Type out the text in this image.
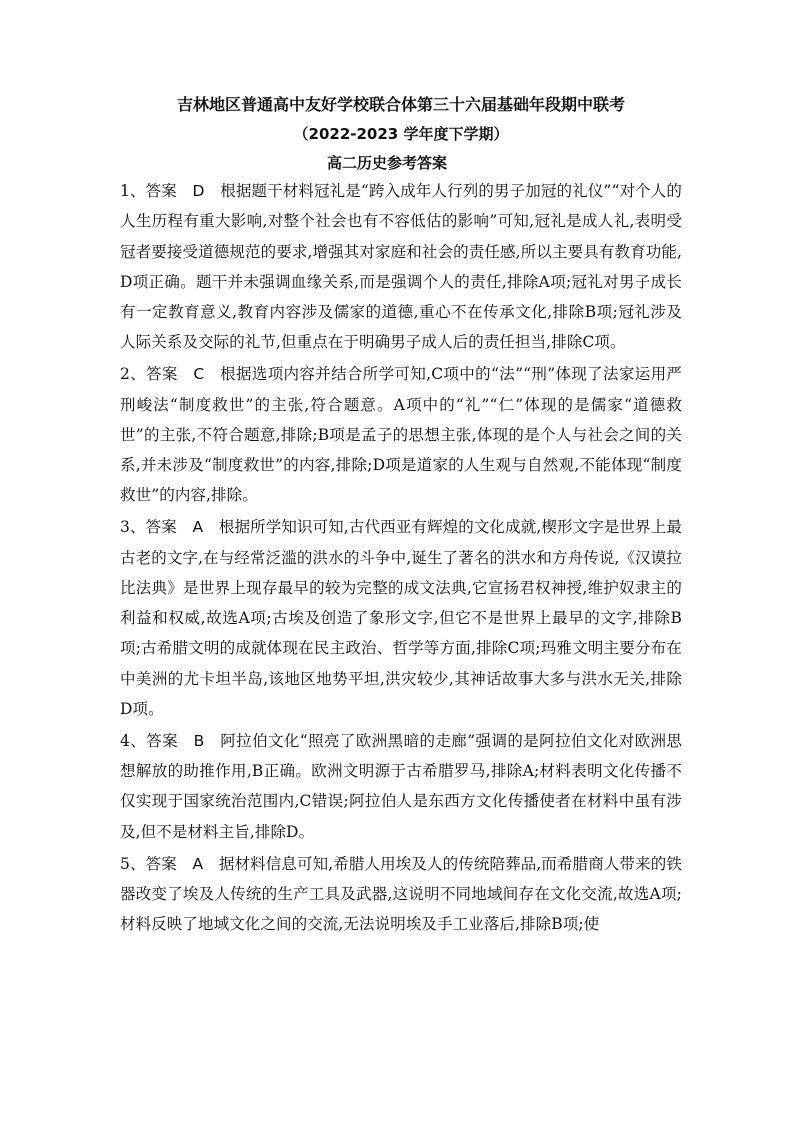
吉林地区普通高中友好学校联合体第三十六届基础年段期中联考
（2022-2023 学年度下学期）
高二历史参考答案

1、答案  D  根据题干材料冠礼是“跨入成年人行列的男子加冠的礼仪”“对个人的人生历程有重大影响,对整个社会也有不容低估的影响”可知,冠礼是成人礼,表明受冠者要接受道德规范的要求,增强其对家庭和社会的责任感,所以主要具有教育功能,D项正确。题干并未强调血缘关系,而是强调个人的责任,排除A项;冠礼对男子成长有一定教育意义,教育内容涉及儒家的道德,重心不在传承文化,排除B项;冠礼涉及人际关系及交际的礼节,但重点在于明确男子成人后的责任担当,排除C项。

2、答案  C  根据选项内容并结合所学可知,C项中的“法”“刑”体现了法家运用严刑峻法“制度救世”的主张,符合题意。A项中的“礼”“仁”体现的是儒家“道德救世”的主张,不符合题意,排除;B项是孟子的思想主张,体现的是个人与社会之间的关系,并未涉及“制度救世”的内容,排除;D项是道家的人生观与自然观,不能体现“制度救世”的内容,排除。

3、答案  A  根据所学知识可知,古代西亚有辉煌的文化成就,楔形文字是世界上最古老的文字,在与经常泛滥的洪水的斗争中,诞生了著名的洪水和方舟传说,《汉谟拉比法典》是世界上现存最早的较为完整的成文法典,它宣扬君权神授,维护奴隶主的利益和权威,故选A项;古埃及创造了象形文字,但它不是世界上最早的文字,排除B项;古希腊文明的成就体现在民主政治、哲学等方面,排除C项;玛雅文明主要分布在中美洲的尤卡坦半岛,该地区地势平坦,洪灾较少,其神话故事大多与洪水无关,排除D项。

4、答案  B  阿拉伯文化“照亮了欧洲黑暗的走廊”强调的是阿拉伯文化对欧洲思想解放的助推作用,B正确。欧洲文明源于古希腊罗马,排除A;材料表明文化传播不仅实现于国家统治范围内,C错误;阿拉伯人是东西方文化传播使者在材料中虽有涉及,但不是材料主旨,排除D。

5、答案  A  据材料信息可知,希腊人用埃及人的传统陪葬品,而希腊商人带来的铁器改变了埃及人传统的生产工具及武器,这说明不同地域间存在文化交流,故选A项;材料反映了地域文化之间的交流,无法说明埃及手工业落后,排除B项;使
